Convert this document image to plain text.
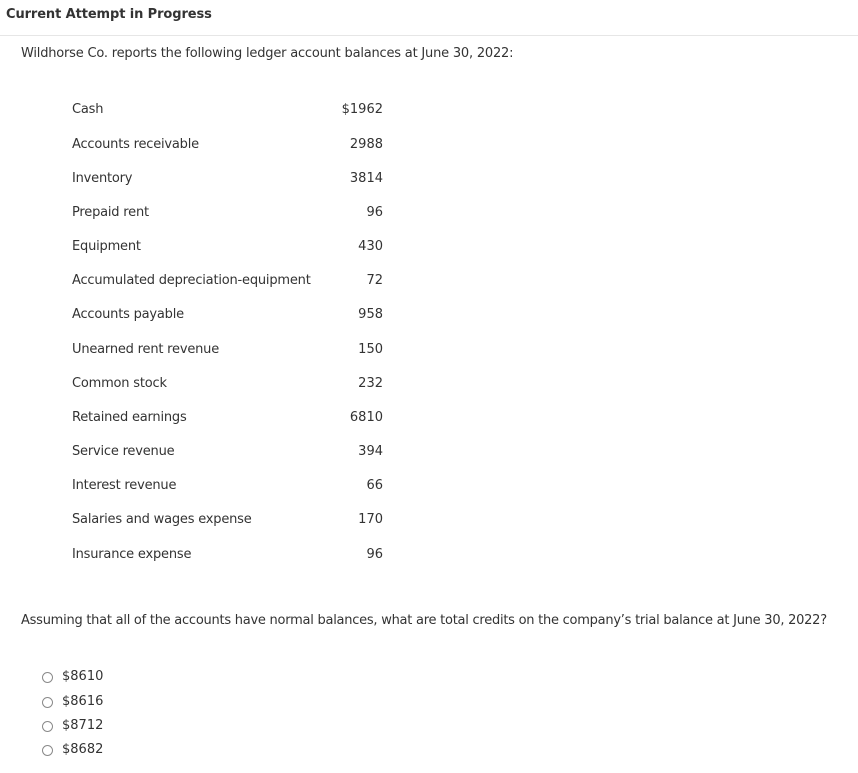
Current Attempt in Progress
Wildhorse Co. reports the following ledger account balances at June 30, 2022:
Cash	$1962
Accounts receivable	2988
Inventory	3814
Prepaid rent	96
Equipment	430
Accumulated depreciation-equipment	72
Accounts payable	958
Unearned rent revenue	150
Common stock	232
Retained earnings	6810
Service revenue	394
Interest revenue	66
Salaries and wages expense	170
Insurance expense	96
Assuming that all of the accounts have normal balances, what are total credits on the company’s trial balance at June 30, 2022?
$8610
$8616
$8712
$8682
